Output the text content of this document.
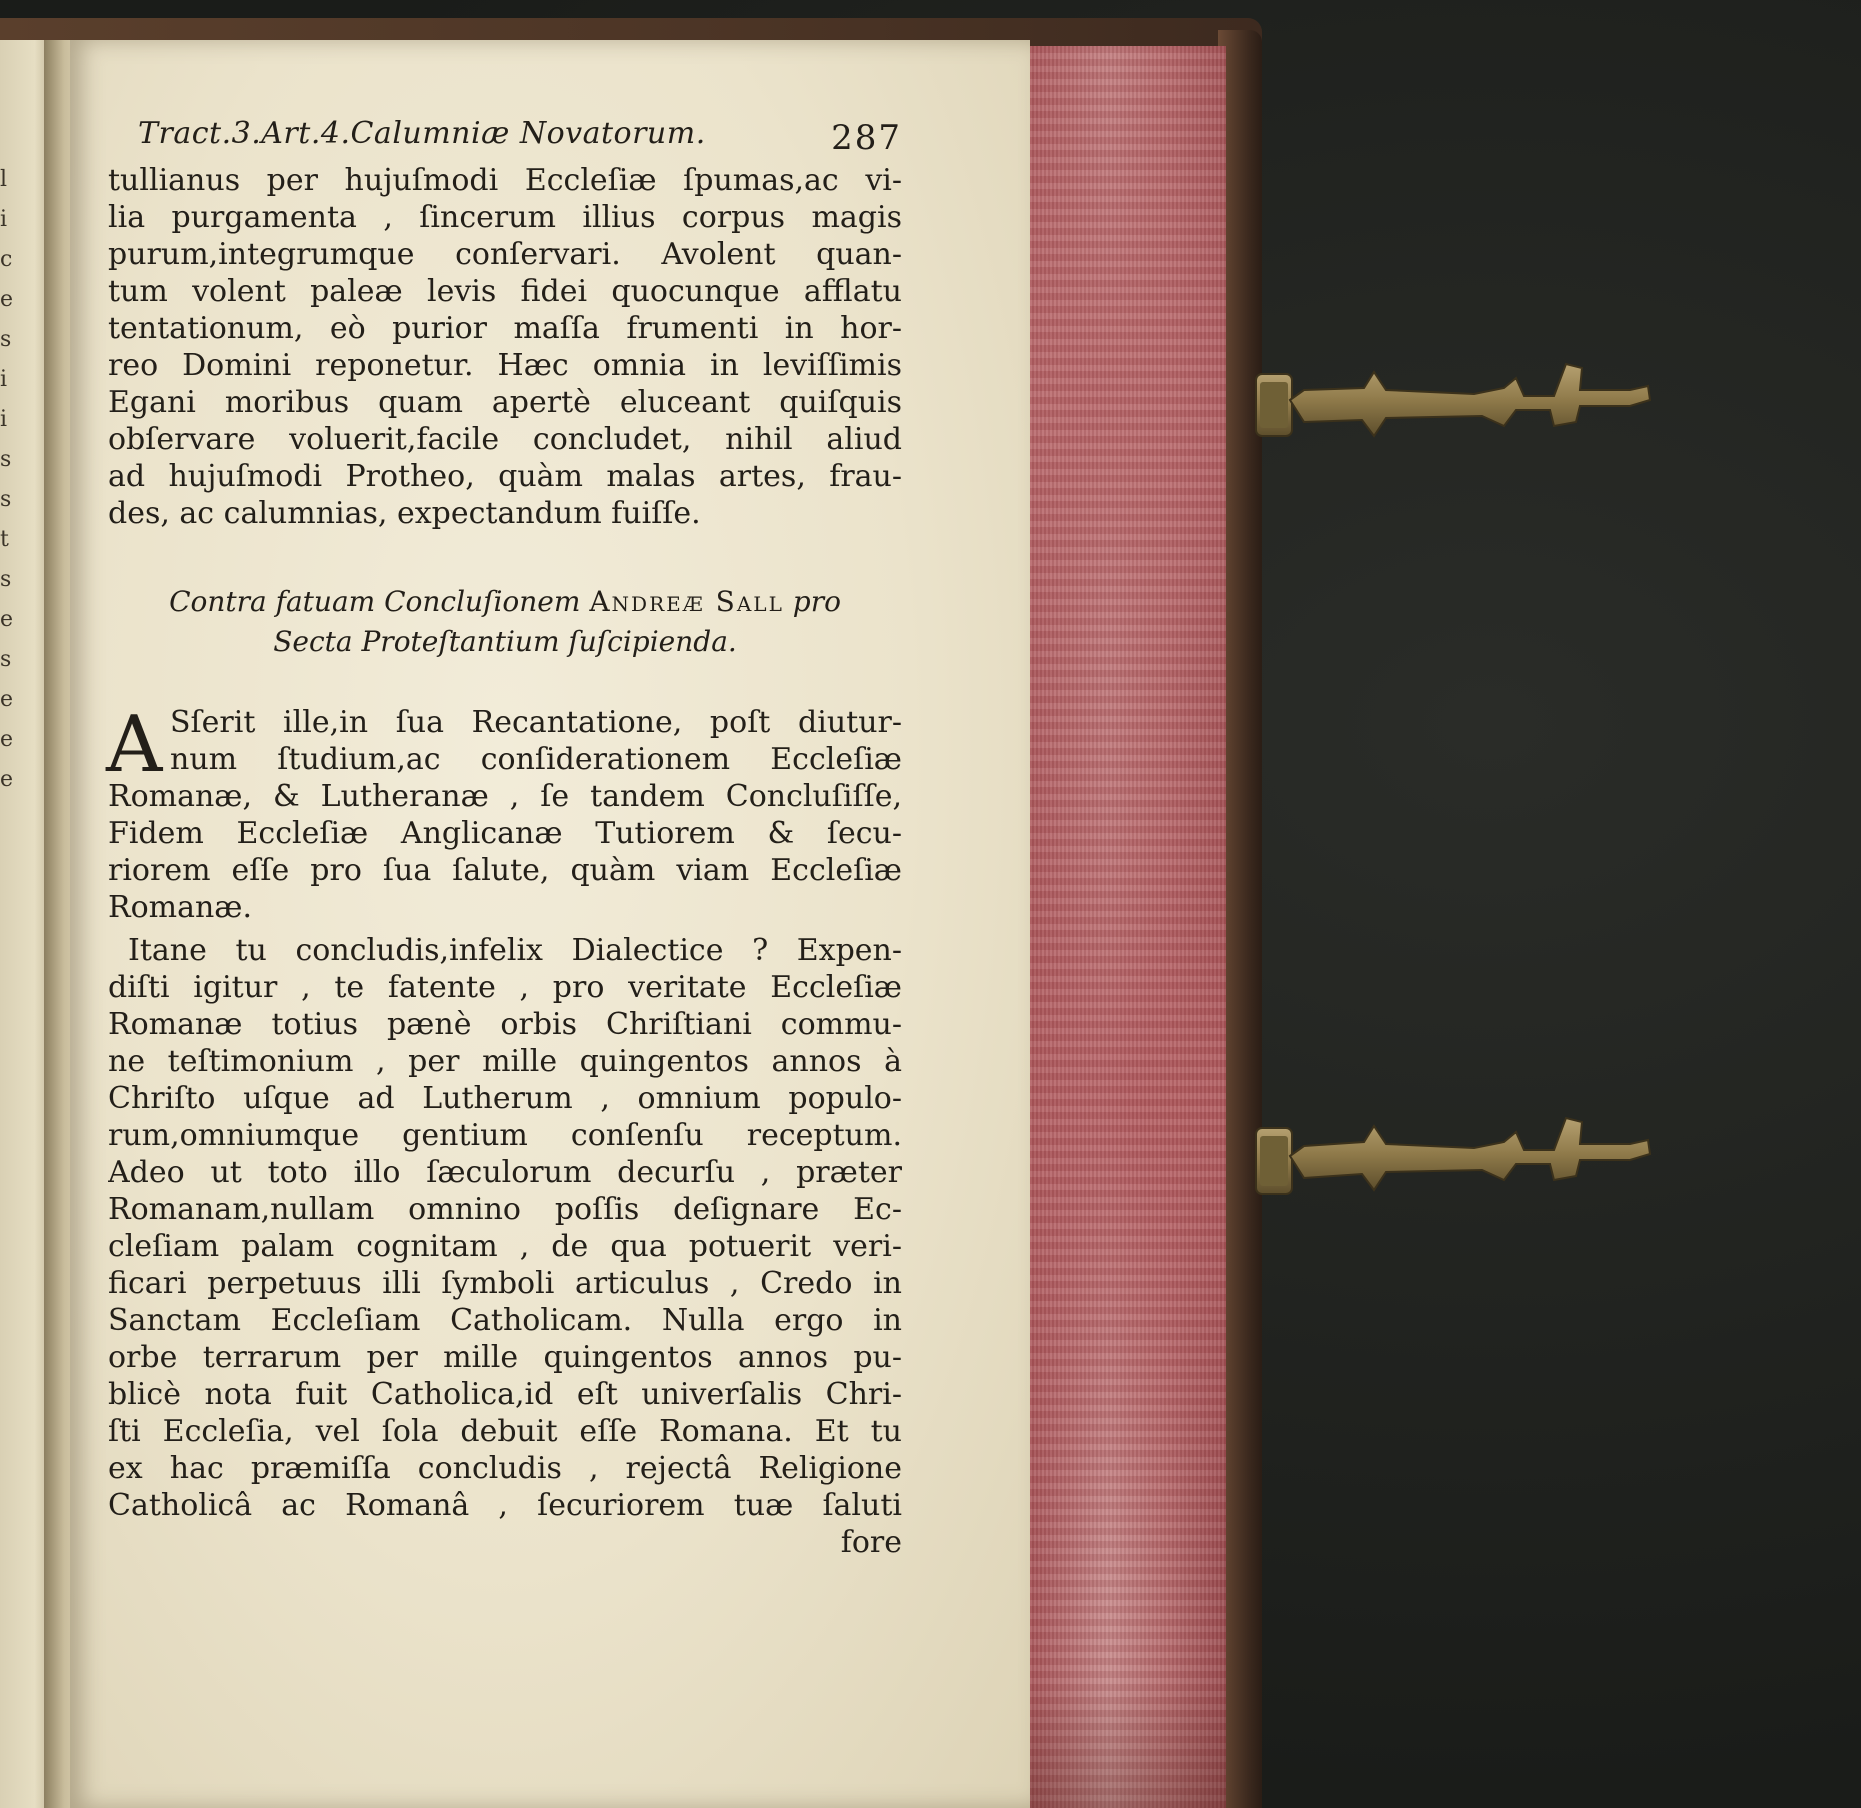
l
i
c
e
s
i
i
s
s
t
s
e
s
e
e
e
Tract.3.Art.4.Calumniæ Novatorum.	287
tullianus per hujuſmodi Eccleſiæ ſpumas,ac vi-
lia purgamenta , ſincerum illius corpus magis
purum,integrumque conſervari. Avolent quan-
tum volent paleæ levis fidei quocunque afflatu
tentationum, eò purior maſſa frumenti in hor-
reo Domini reponetur. Hæc omnia in leviſſimis
Egani moribus quam apertè eluceant quiſquis
obſervare voluerit,facile concludet, nihil aliud
ad hujuſmodi Protheo, quàm malas artes, frau-
des, ac calumnias, expectandum fuiſſe.
Contra fatuam Concluſionem Andreæ Sall pro
Secta Proteſtantium ſuſcipienda.
A Sſerit ille,in ſua Recantatione, poſt diutur-
num ſtudium,ac conſiderationem Eccleſiæ
Romanæ, & Lutheranæ , ſe tandem Concluſiſſe,
Fidem Eccleſiæ Anglicanæ Tutiorem & ſecu-
riorem eſſe pro ſua ſalute, quàm viam Eccleſiæ
Romanæ.
Itane tu concludis,infelix Dialectice ? Expen-
diſti igitur , te fatente , pro veritate Eccleſiæ
Romanæ totius pænè orbis Chriſtiani commu-
ne teſtimonium , per mille quingentos annos à
Chriſto uſque ad Lutherum , omnium populo-
rum,omniumque gentium conſenſu receptum.
Adeo ut toto illo ſæculorum decurſu , præter
Romanam,nullam omnino poſſis deſignare Ec-
cleſiam palam cognitam , de qua potuerit veri-
ficari perpetuus illi ſymboli articulus , Credo in
Sanctam Eccleſiam Catholicam. Nulla ergo in
orbe terrarum per mille quingentos annos pu-
blicè nota fuit Catholica,id eſt univerſalis Chri-
ſti Eccleſia, vel ſola debuit eſſe Romana. Et tu
ex hac præmiſſa concludis , rejectâ Religione
Catholicâ ac Romanâ , ſecuriorem tuæ ſaluti
fore
